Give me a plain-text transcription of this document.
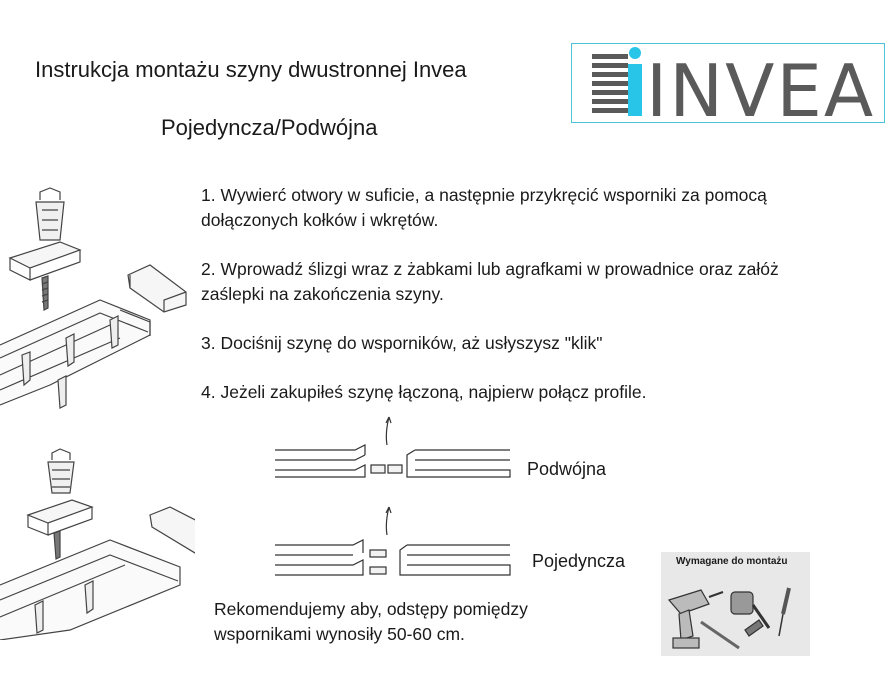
Instrukcja montażu szyny dwustronnej Invea
Pojedyncza/Podwójna	INVEA

1. Wywierć otwory w suficie, a następnie przykręcić wsporniki za pomocą dołączonych kołków i wkrętów.

2. Wprowadź ślizgi wraz z żabkami lub agrafkami w prowadnice oraz załóż zaślepki na zakończenia szyny.

3. Dociśnij szynę do wsporników, aż usłyszysz "klik"

4. Jeżeli zakupiłeś szynę łączoną, najpierw połącz profile.

Podwójna
Pojedyncza
Rekomendujemy aby, odstępy pomiędzy wspornikami wynosiły 50-60 cm.
Wymagane do montażu
